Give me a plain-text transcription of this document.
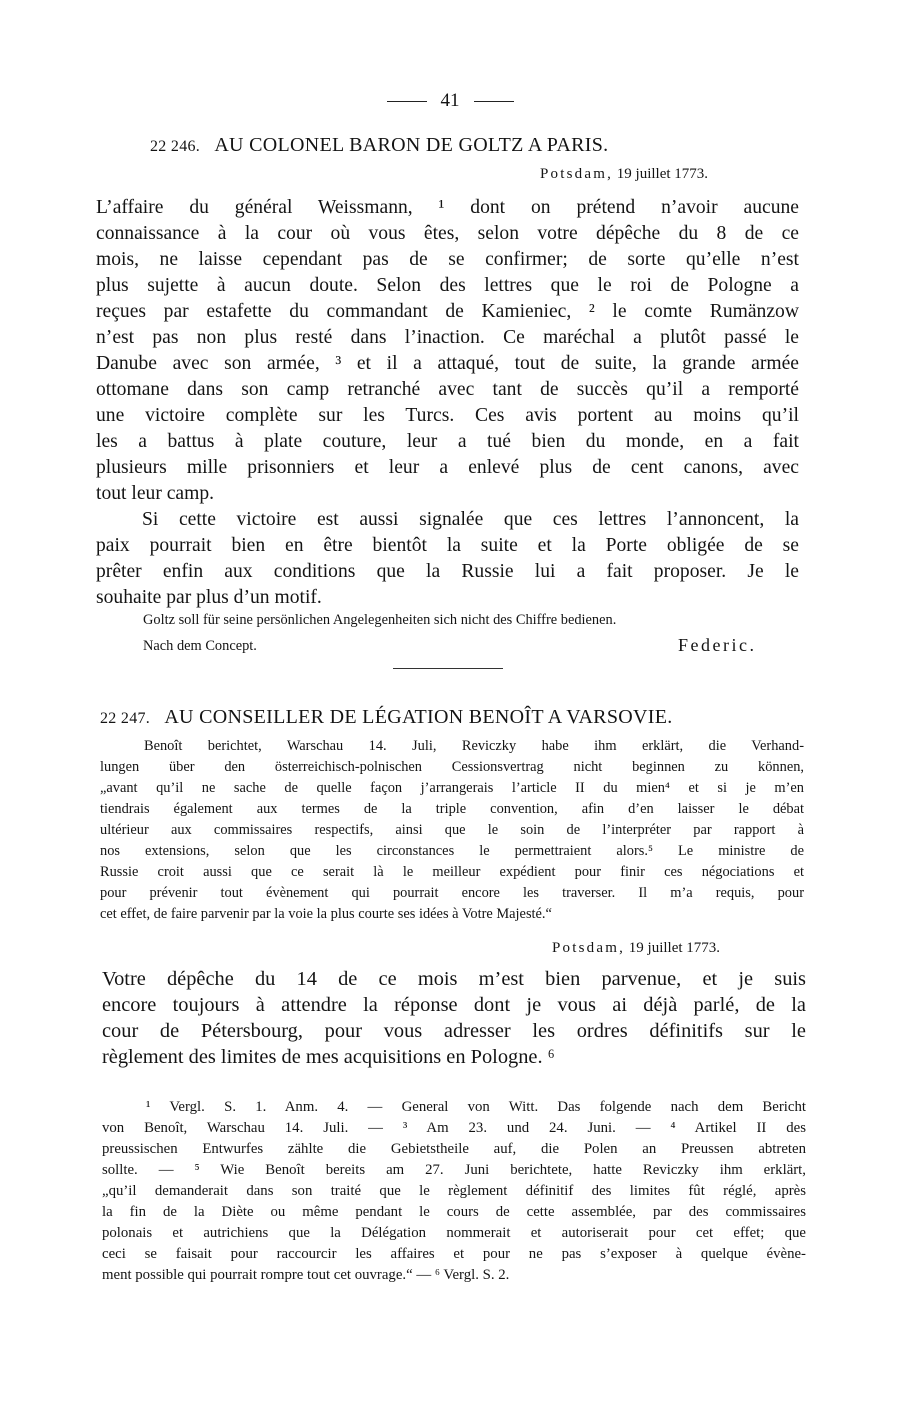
41
22 246. AU COLONEL BARON DE GOLTZ A PARIS.
Potsdam, 19 juillet 1773.
L’affaire du général Weissmann, ¹ dont on prétend n’avoir aucune
connaissance à la cour où vous êtes, selon votre dépêche du 8 de ce
mois, ne laisse cependant pas de se confirmer; de sorte qu’elle n’est
plus sujette à aucun doute. Selon des lettres que le roi de Pologne a
reçues par estafette du commandant de Kamieniec, ² le comte Rumänzow
n’est pas non plus resté dans l’inaction. Ce maréchal a plutôt passé le
Danube avec son armée, ³ et il a attaqué, tout de suite, la grande armée
ottomane dans son camp retranché avec tant de succès qu’il a remporté
une victoire complète sur les Turcs. Ces avis portent au moins qu’il
les a battus à plate couture, leur a tué bien du monde, en a fait
plusieurs mille prisonniers et leur a enlevé plus de cent canons, avec
tout leur camp.
Si cette victoire est aussi signalée que ces lettres l’annoncent, la
paix pourrait bien en être bientôt la suite et la Porte obligée de se
prêter enfin aux conditions que la Russie lui a fait proposer. Je le
souhaite par plus d’un motif.
Goltz soll für seine persönlichen Angelegenheiten sich nicht des Chiffre bedienen.
Nach dem Concept.	Federic.
22 247. AU CONSEILLER DE LÉGATION BENOÎT A VARSOVIE.
Benoît berichtet, Warschau 14. Juli, Reviczky habe ihm erklärt, die Verhand-
lungen über den österreichisch-polnischen Cessionsvertrag nicht beginnen zu können,
„avant qu’il ne sache de quelle façon j’arrangerais l’article II du mien⁴ et si je m’en
tiendrais également aux termes de la triple convention, afin d’en laisser le débat
ultérieur aux commissaires respectifs, ainsi que le soin de l’interpréter par rapport à
nos extensions, selon que les circonstances le permettraient alors.⁵ Le ministre de
Russie croit aussi que ce serait là le meilleur expédient pour finir ces négociations et
pour prévenir tout évènement qui pourrait encore les traverser. Il m’a requis, pour
cet effet, de faire parvenir par la voie la plus courte ses idées à Votre Majesté.“
Potsdam, 19 juillet 1773.
Votre dépêche du 14 de ce mois m’est bien parvenue, et je suis
encore toujours à attendre la réponse dont je vous ai déjà parlé, de la
cour de Pétersbourg, pour vous adresser les ordres définitifs sur le
règlement des limites de mes acquisitions en Pologne. ⁶
¹ Vergl. S. 1. Anm. 4. — General von Witt. Das folgende nach dem Bericht
von Benoît, Warschau 14. Juli. — ³ Am 23. und 24. Juni. — ⁴ Artikel II des
preussischen Entwurfes zählte die Gebietstheile auf, die Polen an Preussen abtreten
sollte. — ⁵ Wie Benoît bereits am 27. Juni berichtete, hatte Reviczky ihm erklärt,
„qu’il demanderait dans son traité que le règlement définitif des limites fût réglé, après
la fin de la Diète ou même pendant le cours de cette assemblée, par des commissaires
polonais et autrichiens que la Délégation nommerait et autoriserait pour cet effet; que
ceci se faisait pour raccourcir les affaires et pour ne pas s’exposer à quelque évène-
ment possible qui pourrait rompre tout cet ouvrage.“ — ⁶ Vergl. S. 2.
